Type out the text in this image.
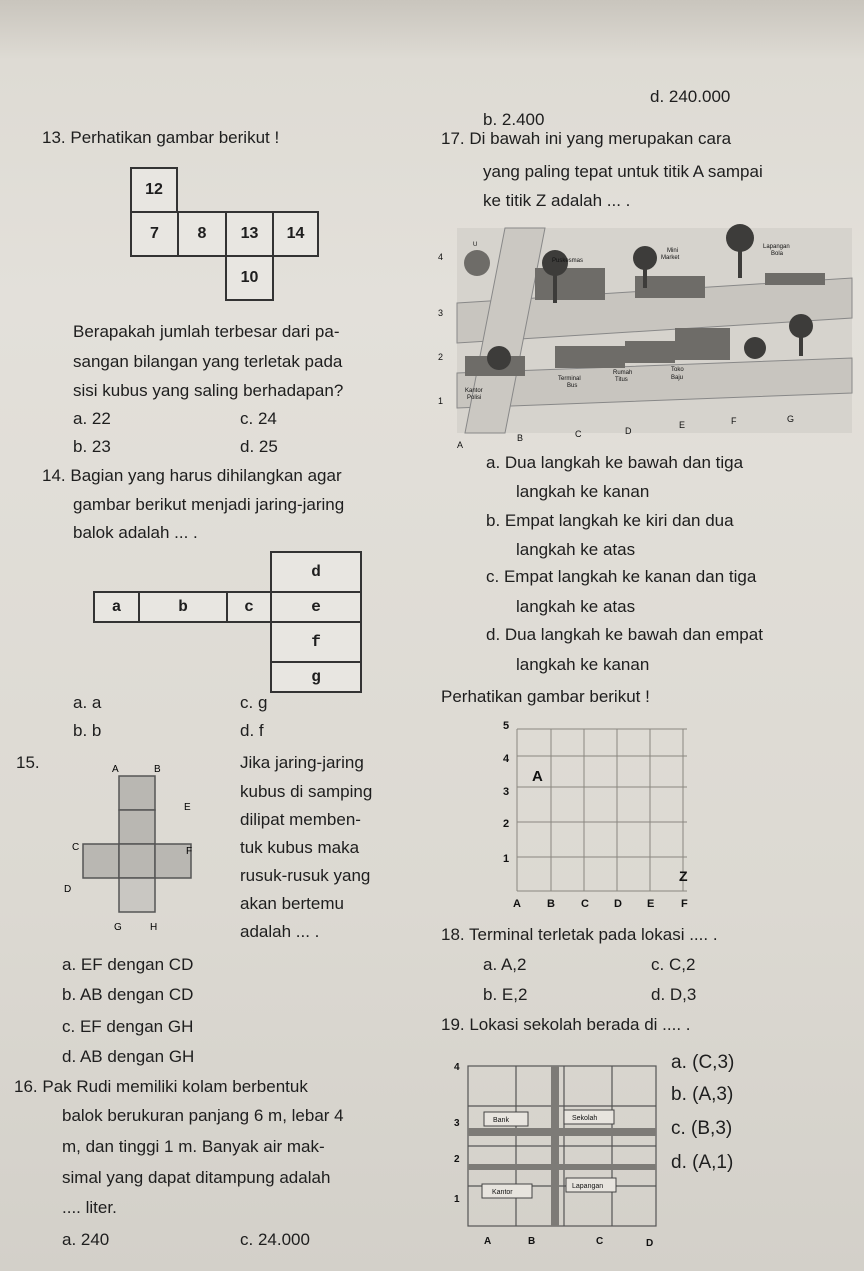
b. 2.400
d. 240.000
13. Perhatikan gambar berikut !
12
7	8	13	14
10
Berapakah jumlah terbesar dari pa-
sangan bilangan yang terletak pada
sisi kubus yang saling berhadapan?
a. 22	c. 24
b. 23	d. 25
14. Bagian yang harus dihilangkan agar
gambar berikut menjadi jaring-jaring
balok adalah ... .
d
a	b	c	e
f
g
a. a	c. g
b. b	d. f
15.	A	B
E
C	F
D
G	H
Jika jaring-jaring
kubus di samping
dilipat memben-
tuk kubus maka
rusuk-rusuk yang
akan bertemu
adalah ... .
a. EF dengan CD
b. AB dengan CD
c. EF dengan GH
d. AB dengan GH
16. Pak Rudi memiliki kolam berbentuk
balok berukuran panjang 6 m, lebar 4
m, dan tinggi 1 m. Banyak air mak-
simal yang dapat ditampung adalah
.... liter.
a. 240	c. 24.000
17. Di bawah ini yang merupakan cara
yang paling tepat untuk titik A sampai
ke titik Z adalah ... .
Puskesmas
Mini
Market
Lapangan
Bola
Terminal
Bus
Rumah
Titus
Toko
Baju
Kantor
Polisi
U
4
3
2
1
A
B	C	D
E	F	G
a. Dua langkah ke bawah dan tiga
langkah ke kanan
b. Empat langkah ke kiri dan dua
langkah ke atas
c. Empat langkah ke kanan dan tiga
langkah ke atas
d. Dua langkah ke bawah dan empat
langkah ke kanan
Perhatikan gambar berikut !
5
4
3
2
1
A B C D E F
A
Z
18. Terminal terletak pada lokasi .... .
a. A,2	c. C,2
b. E,2	d. D,3
19. Lokasi sekolah berada di .... .
Bank	Sekolah
Kantor
Lapangan
4
3
2
1
A	B	C	D
a. (C,3)
b. (A,3)
c. (B,3)
d. (A,1)
